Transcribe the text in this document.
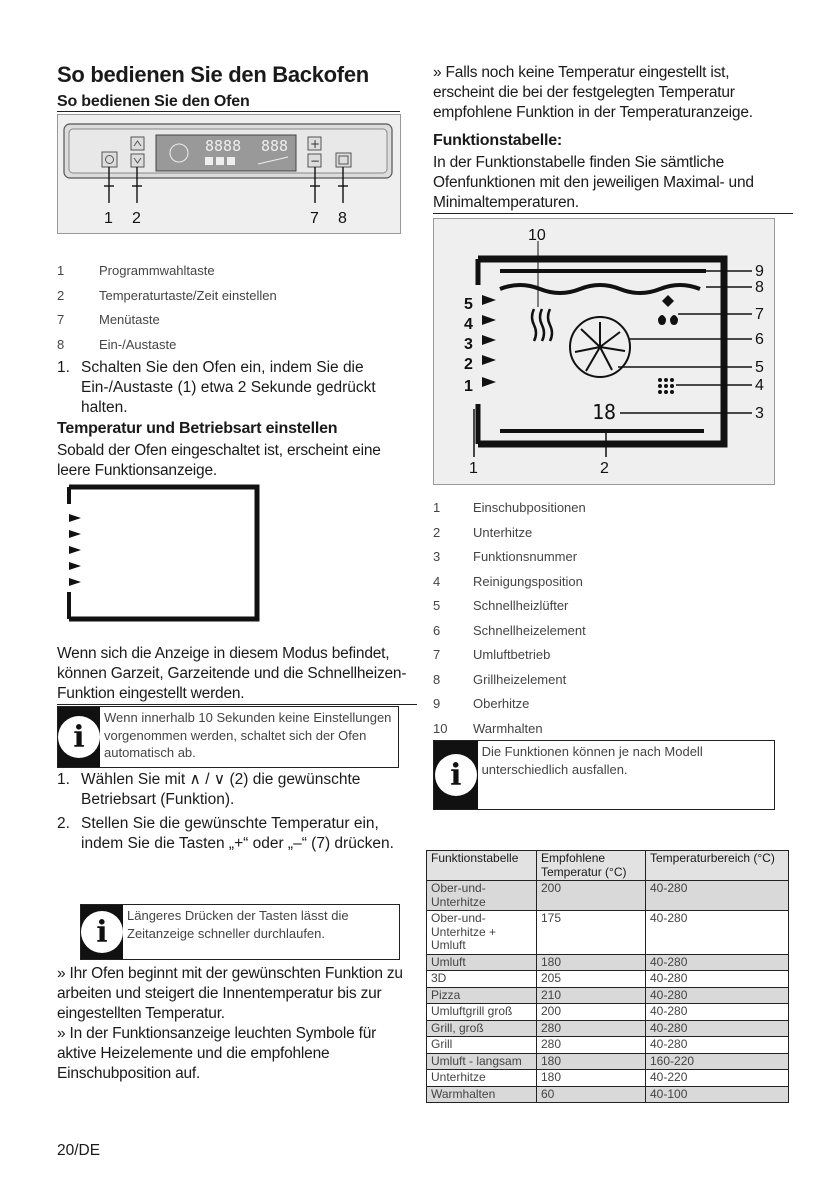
So bedienen Sie den Backofen
So bedienen Sie den Ofen
8888 888 +
−
1 2	7 8
1	Programmwahltaste
2	Temperaturtaste/Zeit einstellen
7	Menütaste
8	Ein-/Austaste
1. Schalten Sie den Ofen ein, indem Sie die Ein-/Austaste (1) etwa 2 Sekunde gedrückt halten.
Temperatur und Betriebsart einstellen
Sobald der Ofen eingeschaltet ist, erscheint eine leere Funktionsanzeige.
Wenn sich die Anzeige in diesem Modus befindet, können Garzeit, Garzeitende und die Schnellheizen-Funktion eingestellt werden.
i
Wenn innerhalb 10 Sekunden keine Einstellungen vorgenommen werden, schaltet sich der Ofen automatisch ab.
1. Wählen Sie mit ∧ / ∨ (2) die gewünschte Betriebsart (Funktion).
2. Stellen Sie die gewünschte Temperatur ein, indem Sie die Tasten „+“ oder „–“ (7) drücken.
i	Längeres Drücken der Tasten lässt die Zeitanzeige schneller durchlaufen.
» Ihr Ofen beginnt mit der gewünschten Funktion zu arbeiten und steigert die Innentemperatur bis zur eingestellten Temperatur.
» In der Funktionsanzeige leuchten Symbole für aktive Heizelemente und die empfohlene Einschubposition auf.
20/DE
» Falls noch keine Temperatur eingestellt ist, erscheint die bei der festgelegten Temperatur empfohlene Funktion in der Temperaturanzeige.
Funktionstabelle:
In der Funktionstabelle finden Sie sämtliche Ofenfunktionen mit den jeweiligen Maximal- und Minimaltemperaturen.
10
5
4
3
2
1
18
9
8
7
6
5
4
3
1	2
1	Einschubpositionen
2	Unterhitze
3	Funktionsnummer
4	Reinigungsposition
5	Schnellheizlüfter
6	Schnellheizelement
7	Umluftbetrieb
8	Grillheizelement
9	Oberhitze
10 Warmhalten
i
Die Funktionen können je nach Modell unterschiedlich ausfallen.
Funktionstabelle	Empfohlene Temperatur (°C)	Temperaturbereich (°C)
Ober-und-Unterhitze	200	40-280
Ober-und-Unterhitze + Umluft	175	40-280
Umluft	180	40-280
3D	205	40-280
Pizza	210	40-280
Umluftgrill groß	200	40-280
Grill, groß	280	40-280
Grill	280	40-280
Umluft - langsam	180	160-220
Unterhitze	180	40-220
Warmhalten	60	40-100
